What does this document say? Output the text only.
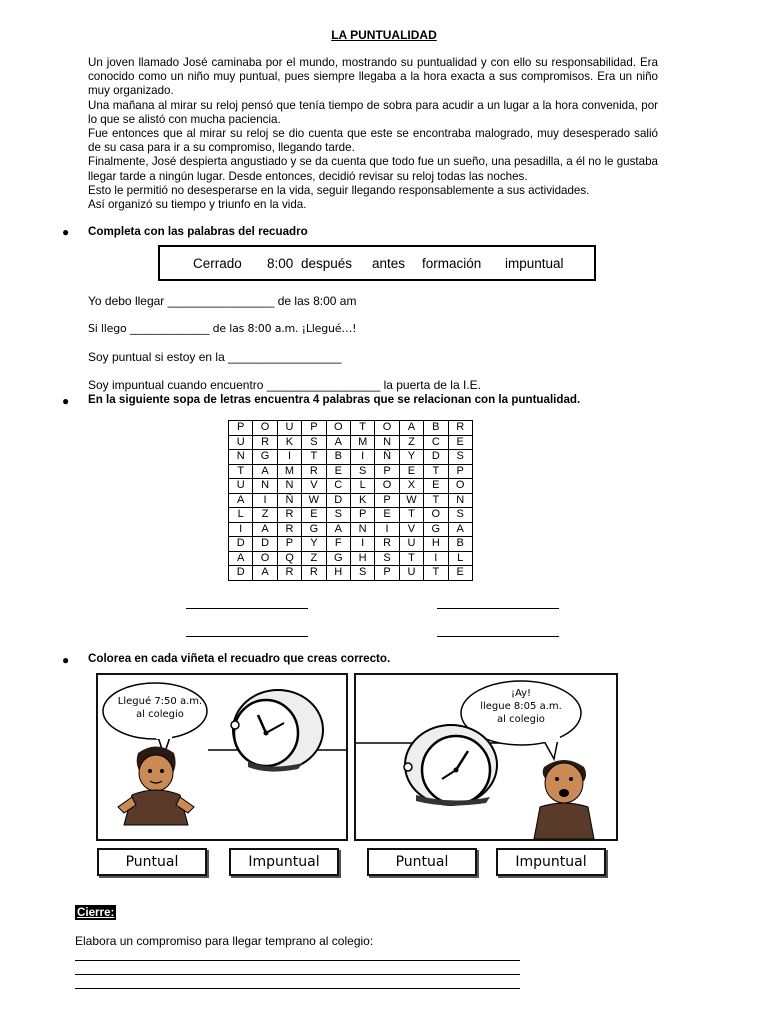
LA PUNTUALIDAD

Un joven llamado José caminaba por el mundo, mostrando su puntualidad y con ello su responsabilidad. Era conocido como un niño muy puntual, pues siempre llegaba a la hora exacta a sus compromisos. Era un niño muy organizado.

Una mañana al mirar su reloj pensó que tenía tiempo de sobra para acudir a un lugar a la hora convenida, por lo que se alistó con mucha paciencia.

Fue entonces que al mirar su reloj se dio cuenta que este se encontraba malogrado, muy desesperado salió de su casa para ir a su compromiso, llegando tarde.

Finalmente, José despierta angustiado y se da cuenta que todo fue un sueño, una pesadilla, a él no le gustaba llegar tarde a ningún lugar. Desde entonces, decidió revisar su reloj todas las noches.

Esto le permitió no desesperarse en la vida, seguir llegando responsablemente a sus actividades.

Así organizó su tiempo y triunfo en la vida.

● Completa con las palabras del recuadro
Cerrado 8:00 después antes formación impuntual
Yo debo llegar ________________ de las 8:00 am
Si llego _______________ de las 8:00 a.m. ¡Llegué…!
Soy puntual si estoy en la _________________
Soy impuntual cuando encuentro _________________ la puerta de la I.E.
● En la siguiente sopa de letras encuentra 4 palabras que se relacionan con la puntualidad.
P	O	U	P	O	T	O	A	B	R
U	R	K	S	A	M	N	Z	C	E
N	G	I	T	B	I	Ñ	Y	D	S
T	A	M	R	E	S	P	E	T	P
U	N	N	V	C	L	O	X	E	O
A	I	Ñ	W	D	K	P	W	T	N
L	Z	R	E	S	P	E	T	O	S
I	A	R	G	A	N	I	V	G	A
D	D	P	Y	F	I	R	U	H	B
A	O	Q	Z	G	H	S	T	I	L
D	A	R	R	H	S	P	U	T	E
● Colorea en cada viñeta el recuadro que creas correcto.
Llegué 7:50 a.m.
al colegio
¡Ay!
llegue 8:05 a.m.
al colegio
Puntual	Impuntual	Puntual	Impuntual
Cierre:
Elabora un compromiso para llegar temprano al colegio:
